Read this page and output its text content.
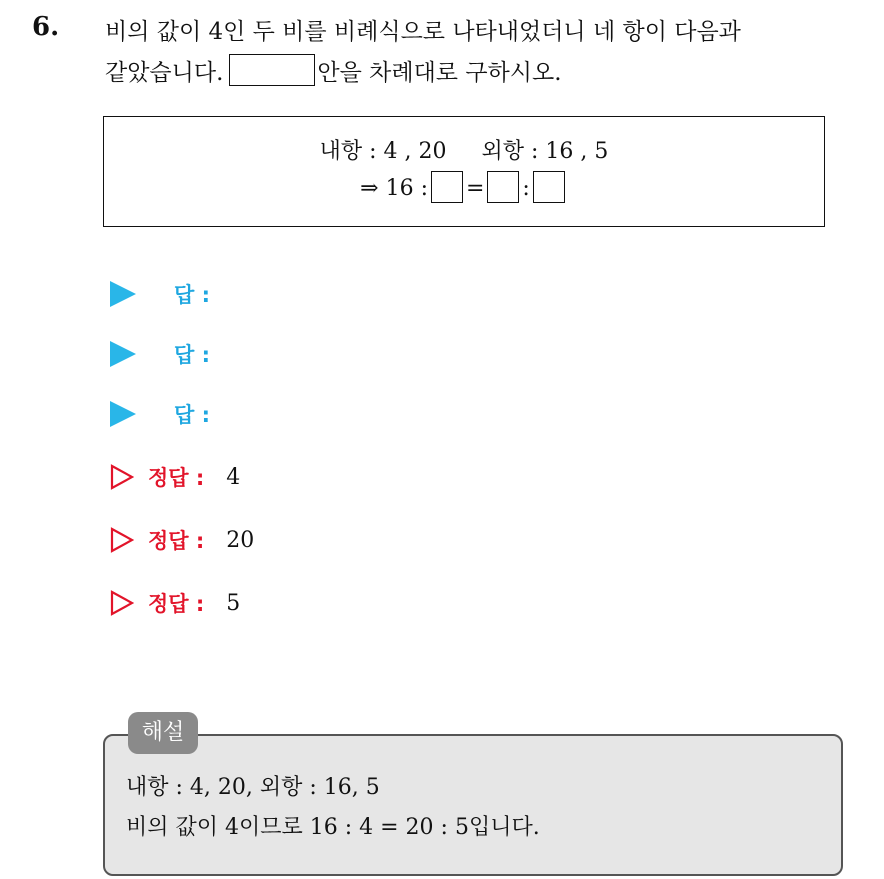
6. 비의 값이 4인 두 비를 비례식으로 나타내었더니 네 항이 다음과
같았습니다.	안을 차례대로 구하시오.
내항 : 4 , 20     외항 : 16 , 5
⇒ 16 : = :
답 :
답 :
답 :
정답 : 4
정답 : 20
정답 : 5
해설
내항 : 4, 20, 외항 : 16, 5
비의 값이 4이므로 16 : 4 = 20 : 5입니다.
